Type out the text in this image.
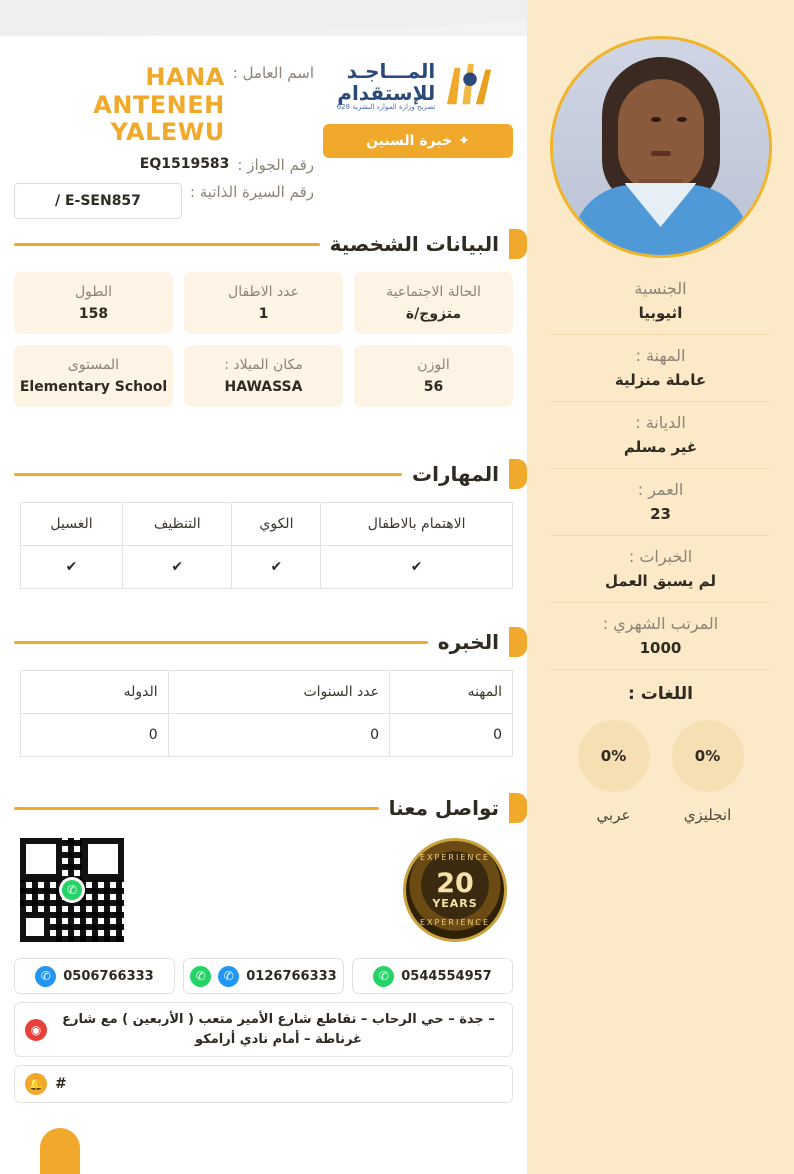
الجنسية
اثيوبيا
المهنة :
عاملة منزلية
الديانة :
غير مسلم
العمر :
23
الخبرات :
لم يسبق العمل
المرتب الشهري :
1000
اللغات :
0%
انجليزي
0%
عربي
اسم العامل :
HANA ANTENEH YALEWU
رقم الجواز :
EQ1519583
رقم السيرة الذاتية :
E-SEN857 /
المـــاجـد
للإستقدام
تصريح وزارة الموارد البشرية 628
✦
خبرة السنين
البيانات الشخصية
الحالة الاجتماعية
متزوج/ة
عدد الاطفال
1
الطول
158
الوزن
56
مكان الميلاد :
HAWASSA
المستوى
Elementary School
المهارات
الاهتمام بالاطفال	الكوي	التنظيف	الغسيل
✔	✔	✔	✔
الخبره
المهنه	عدد السنوات	الدوله
0	0	0
تواصل معنا
✆
EXPERIENCE
20
YEARS
EXPERIENCE
✆ 0544554957
✆	✆ 0126766333
✆ 0506766333
◉
– جدة – حي الرحاب – تقاطع شارع الأمير متعب ( الأربعين ) مع شارع غرناطة – أمام نادي أرامكو
🔔 #
